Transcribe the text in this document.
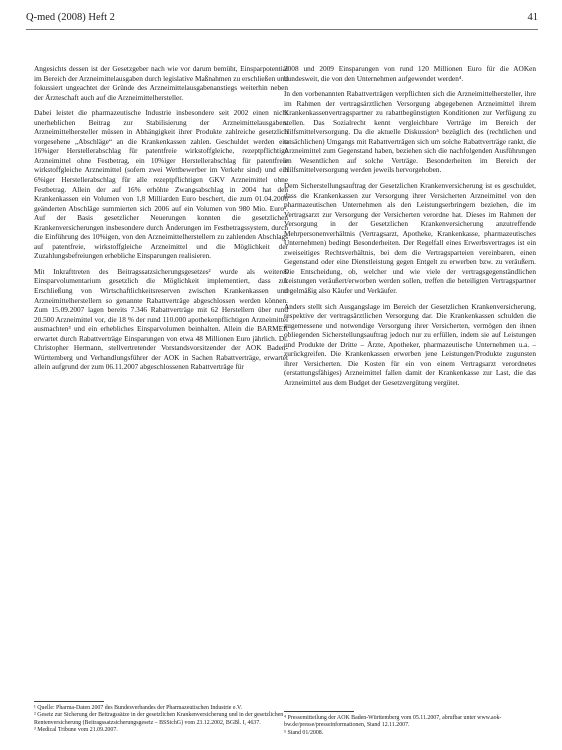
Q-med (2008) Heft 2	41

Angesichts dessen ist der Gesetzgeber nach wie vor darum bemüht, Einsparpotential im Bereich der Arzneimittelausgaben durch legislative Maßnahmen zu erschließen und fokussiert ungeachtet der Gründe des Arzneimittelausgabenanstiegs weiterhin neben der Ärzteschaft auch auf die Arzneimittelhersteller.

Dabei leistet die pharmazeutische Industrie insbesondere seit 2002 einen nicht unerheblichen Beitrag zur Stabilisierung der Arzneimittelausgaben. Arzneimittelhersteller müssen in Abhängigkeit ihrer Produkte zahlreiche gesetzlich vorgesehene „Abschläge“ an die Krankenkassen zahlen. Geschuldet werden ein 16%iger Herstellerabschlag für patentfreie wirkstoffgleiche, rezeptpflichtige Arzneimittel ohne Festbetrag, ein 10%iger Herstellerabschlag für patentfreie wirkstoffgleiche Arzneimittel (sofern zwei Wettbewerber im Verkehr sind) und ein 6%iger Herstellerabschlag für alle rezeptpflichtigen GKV Arzneimittel ohne Festbetrag. Allein der auf 16% erhöhte Zwangsabschlag in 2004 hat den Krankenkassen ein Volumen von 1,8 Milliarden Euro beschert, die zum 01.04.2006 geänderten Abschläge summierten sich 2006 auf ein Volumen von 980 Mio. Euro¹. Auf der Basis gesetzlicher Neuerungen konnten die gesetzlichen Krankenversicherungen insbesondere durch Änderungen im Festbetragssystem, durch die Einführung des 10%igen, von den Arzneimittelherstellern zu zahlenden Abschlags auf patentfreie, wirkstoffgleiche Arzneimittel und die Möglichkeit der Zuzahlungsbefreiungen erhebliche Einsparungen realisieren.

Mit Inkrafttreten des Beitragssatzsicherungsgesetzes² wurde als weiteres Einsparvolumentarium gesetzlich die Möglichkeit implementiert, dass zur Erschließung von Wirtschaftlichkeitsreserven zwischen Krankenkassen und Arzneimittelherstellern so genannte Rabattverträge abgeschlossen werden können. Zum 15.09.2007 lagen bereits 7.346 Rabattverträge mit 62 Herstellern über rund 20.500 Arzneimittel vor, die 18 % der rund 110.000 apothekenpflichtigen Arzneimittel ausmachten³ und ein erhebliches Einsparvolumen beinhalten. Allein die BARMER erwartet durch Rabattverträge Einsparungen von etwa 48 Millionen Euro jährlich. Dr. Christopher Hermann, stellvertretender Vorstandsvorsitzender der AOK Baden-Württemberg und Verhandlungsführer der AOK in Sachen Rabattverträge, erwartet allein aufgrund der zum 06.11.2007 abgeschlossenen Rabattverträge für

2008 und 2009 Einsparungen von rund 120 Millionen Euro für die AOKen bundesweit, die von den Unternehmen aufgewendet werden⁴.

In den vorbenannten Rabattverträgen verpflichten sich die Arzneimittelhersteller, ihre im Rahmen der vertragsärztlichen Versorgung abgegebenen Arzneimittel ihrem Krankenkassenvertragspartner zu rabattbegünstigten Konditionen zur Verfügung zu stellen. Das Sozialrecht kennt vergleichbare Verträge im Bereich der Hilfsmittelversorgung. Da die aktuelle Diskussion⁵ bezüglich des (rechtlichen und tatsächlichen) Umgangs mit Rabattverträgen sich um solche Rabattverträge rankt, die Arzneimittel zum Gegenstand haben, beziehen sich die nachfolgenden Ausführungen im Wesentlichen auf solche Verträge. Besonderheiten im Bereich der Hilfsmittelversorgung werden jeweils hervorgehoben.

Dem Sicherstellungsauftrag der Gesetzlichen Krankenversicherung ist es geschuldet, dass die Krankenkassen zur Versorgung ihrer Versicherten Arzneimittel von den pharmazeutischen Unternehmen als den Leistungserbringern beziehen, die im Vertragsarzt zur Versorgung der Versicherten verordne hat. Dieses im Rahmen der Versorgung in der Gesetzlichen Krankenversicherung anzutreffende Mehrpersonenverhältnis (Vertragsarzt, Apotheke, Krankenkasse, pharmazeutisches Unternehmen) bedingt Besonderheiten. Der Regelfall eines Erwerbsvertrages ist ein zweiseitiges Rechtsverhältnis, bei dem die Vertragsparteien vereinbaren, einen Gegenstand oder eine Dienstleistung gegen Entgelt zu erwerben bzw. zu veräußern. Die Entscheidung, ob, welcher und wie viele der vertragsgegenständlichen Leistungen veräußert/erworben werden sollen, treffen die beteiligten Vertragspartner regelmäßig also Käufer und Verkäufer.

Anders stellt sich Ausgangslage im Bereich der Gesetzlichen Krankenversicherung, respektive der vertragsärztlichen Versorgung dar. Die Krankenkassen schulden die zugemessene und notwendige Versorgung ihrer Versicherten, vermögen den ihnen obliegenden Sicherstellungsauftrag jedoch nur zu erfüllen, indem sie auf Leistungen und Produkte der Dritte – Ärzte, Apotheker, pharmazeutische Unternehmen u.a. – zurückgreifen. Die Krankenkassen erwerben jene Leistungen/Produkte zugunsten ihrer Versicherten. Die Kosten für ein von einem Vertragsarzt verordnetes (erstattungsfähiges) Arzneimittel fallen damit der Krankenkasse zur Last, die das Arzneimittel aus dem Budget der Gesetzvergütung vergütet.

¹ Quelle: Pharma-Daten 2007 des Bundesverbandes der Pharmazeutischen Industrie e.V.

² Gesetz zur Sicherung der Beitragssätze in der gesetzlichen Krankenversicherung und in der gesetzlichen Rentenversicherung (Beitragssatzsicherungsgesetz – BSSichG) vom 23.12.2002, BGBl. I, 4637.

³ Medical Tribune vom 21.09.2007.

⁴ Pressemitteilung der AOK Baden-Württemberg vom 05.11.2007, abrufbar unter www.aok-bw.de/presse/presseinformationen, Stand 12.11.2007.

⁵ Stand 01/2008.
